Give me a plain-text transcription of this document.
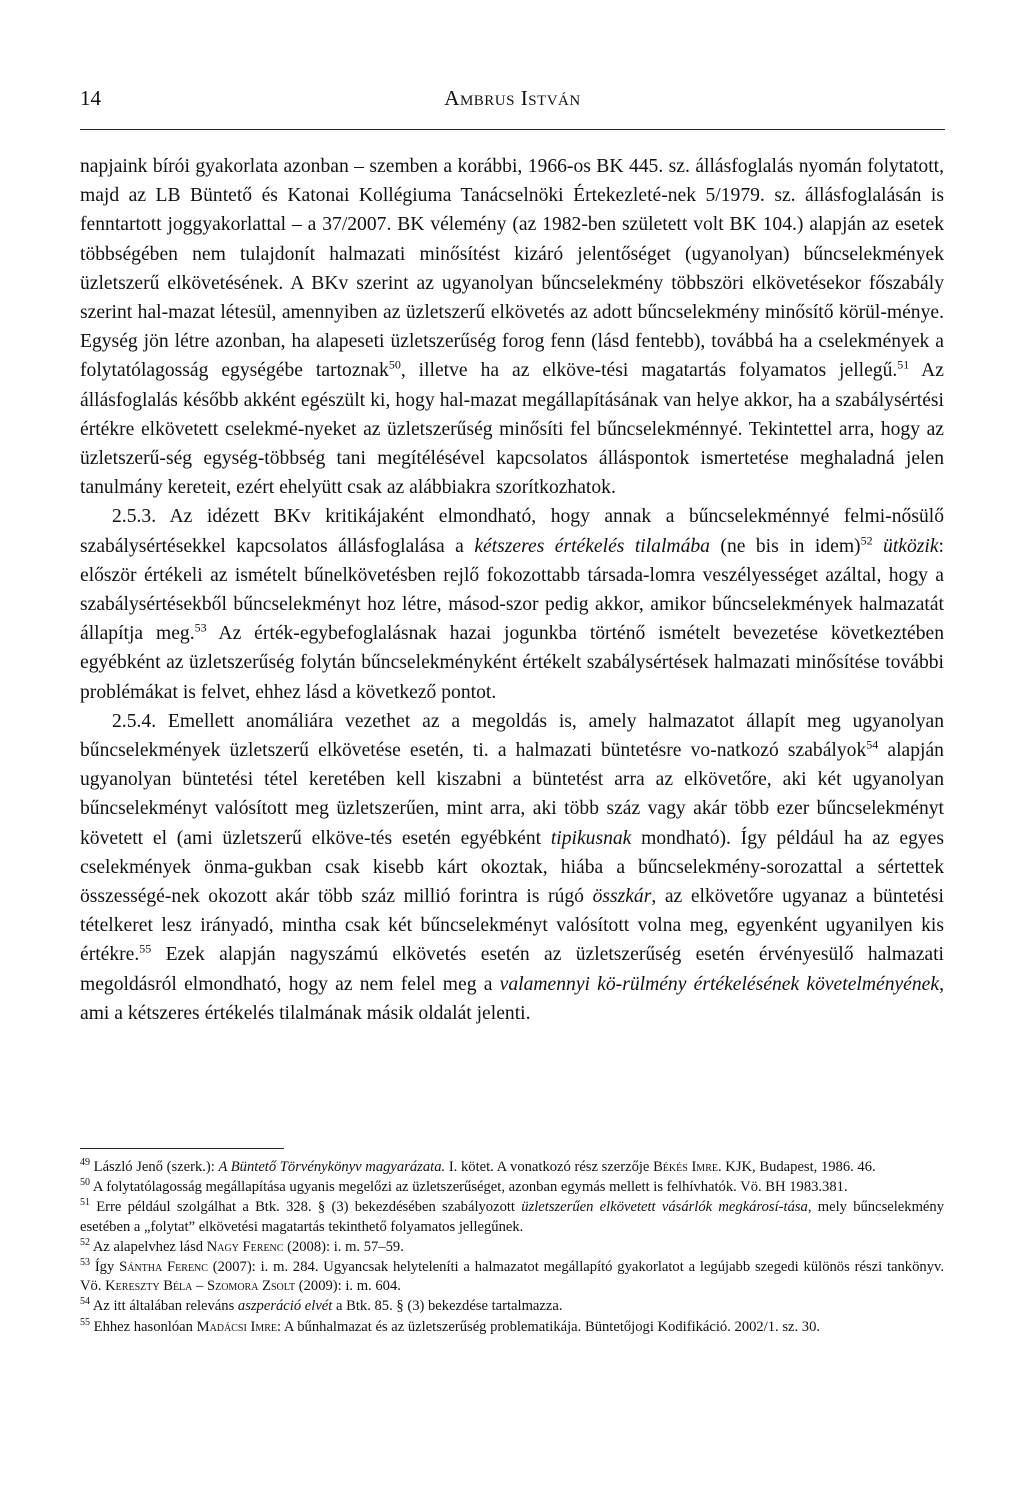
14	Ambrus István

napjaink bírói gyakorlata azonban – szemben a korábbi, 1966-os BK 445. sz. állásfoglalás nyomán folytatott, majd az LB Büntető és Katonai Kollégiuma Tanácselnöki Értekezleté-nek 5/1979. sz. állásfoglalásán is fenntartott joggyakorlattal – a 37/2007. BK vélemény (az 1982-ben született volt BK 104.) alapján az esetek többségében nem tulajdonít halmazati minősítést kizáró jelentőséget (ugyanolyan) bűncselekmények üzletszerű elkövetésének. A BKv szerint az ugyanolyan bűncselekmény többszöri elkövetésekor főszabály szerint hal-mazat létesül, amennyiben az üzletszerű elkövetés az adott bűncselekmény minősítő körül-ménye. Egység jön létre azonban, ha alapeseti üzletszerűség forog fenn (lásd fentebb), továbbá ha a cselekmények a folytatólagosság egységébe tartoznak$^{50}$, illetve ha az elköve-tési magatartás folyamatos jellegű.$^{51}$ Az állásfoglalás később akként egészült ki, hogy hal-mazat megállapításának van helye akkor, ha a szabálysértési értékre elkövetett cselekmé-nyeket az üzletszerűség minősíti fel bűncselekménnyé. Tekintettel arra, hogy az üzletszerű-ség egység-többség tani megítélésével kapcsolatos álláspontok ismertetése meghaladná jelen tanulmány kereteit, ezért ehelyütt csak az alábbiakra szorítkozhatok.

2.5.3. Az idézett BKv kritikájaként elmondható, hogy annak a bűncselekménnyé felmi-nősülő szabálysértésekkel kapcsolatos állásfoglalása a kétszeres értékelés tilalmába (ne bis in idem)$^{52}$ ütközik: először értékeli az ismételt bűnelkövetésben rejlő fokozottabb társada-lomra veszélyességet azáltal, hogy a szabálysértésekből bűncselekményt hoz létre, másod-szor pedig akkor, amikor bűncselekmények halmazatát állapítja meg.$^{53}$ Az érték-egybefoglalásnak hazai jogunkba történő ismételt bevezetése következtében egyébként az üzletszerűség folytán bűncselekményként értékelt szabálysértések halmazati minősítése további problémákat is felvet, ehhez lásd a következő pontot.

2.5.4. Emellett anomáliára vezethet az a megoldás is, amely halmazatot állapít meg ugyanolyan bűncselekmények üzletszerű elkövetése esetén, ti. a halmazati büntetésre vo-natkozó szabályok$^{54}$ alapján ugyanolyan büntetési tétel keretében kell kiszabni a büntetést arra az elkövetőre, aki két ugyanolyan bűncselekményt valósított meg üzletszerűen, mint arra, aki több száz vagy akár több ezer bűncselekményt követett el (ami üzletszerű elköve-tés esetén egyébként tipikusnak mondható). Így például ha az egyes cselekmények önma-gukban csak kisebb kárt okoztak, hiába a bűncselekmény-sorozattal a sértettek összességé-nek okozott akár több száz millió forintra is rúgó összkár, az elkövetőre ugyanaz a büntetési tételkeret lesz irányadó, mintha csak két bűncselekményt valósított volna meg, egyenként ugyanilyen kis értékre.$^{55}$ Ezek alapján nagyszámú elkövetés esetén az üzletszerűség esetén érvényesülő halmazati megoldásról elmondható, hogy az nem felel meg a valamennyi kö-rülmény értékelésének követelményének, ami a kétszeres értékelés tilalmának másik oldalát jelenti.

$^{49}$ László Jenő (szerk.): A Büntető Törvénykönyv magyarázata. I. kötet. A vonatkozó rész szerzője Békés Imre. KJK, Budapest, 1986. 46.

$^{50}$ A folytatólagosság megállapítása ugyanis megelőzi az üzletszerűséget, azonban egymás mellett is felhívhatók. Vö. BH 1983.381.

$^{51}$ Erre például szolgálhat a Btk. 328. § (3) bekezdésében szabályozott üzletszerűen elkövetett vásárlók megkárosí-tása, mely bűncselekmény esetében a „folytat” elkövetési magatartás tekinthető folyamatos jellegűnek.

$^{52}$ Az alapelvhez lásd Nagy Ferenc (2008): i. m. 57–59.

$^{53}$ Így Sántha Ferenc (2007): i. m. 284. Ugyancsak helyteleníti a halmazatot megállapító gyakorlatot a legújabb szegedi különös részi tankönyv. Vö. Kereszty Béla – Szomora Zsolt (2009): i. m. 604.

$^{54}$ Az itt általában releváns aszperáció elvét a Btk. 85. § (3) bekezdése tartalmazza.

$^{55}$ Ehhez hasonlóan Madácsi Imre: A bűnhalmazat és az üzletszerűség problematikája. Büntetőjogi Kodifikáció. 2002/1. sz. 30.
